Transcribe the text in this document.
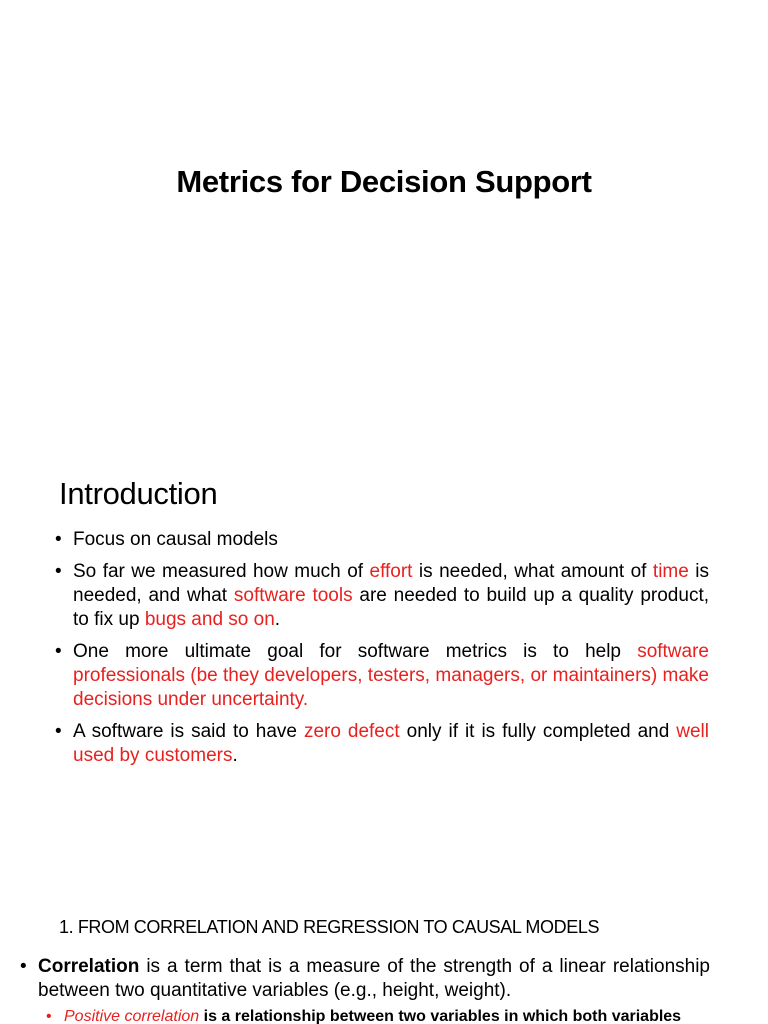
Metrics for Decision Support
Introduction
• Focus on causal models
• So far we measured how much of effort is needed, what amount of time is needed, and what software tools are needed to build up a quality product, to fix up bugs and so on.
• One more ultimate goal for software metrics is to help software professionals (be they developers, testers, managers, or maintainers) make decisions under uncertainty.
• A software is said to have zero defect only if it is fully completed and well used by customers.
1. FROM CORRELATION AND REGRESSION TO CAUSAL MODELS
• Correlation is a term that is a measure of the strength of a linear relationship between two quantitative variables (e.g., height, weight).
• Positive correlation is a relationship between two variables in which both variables
